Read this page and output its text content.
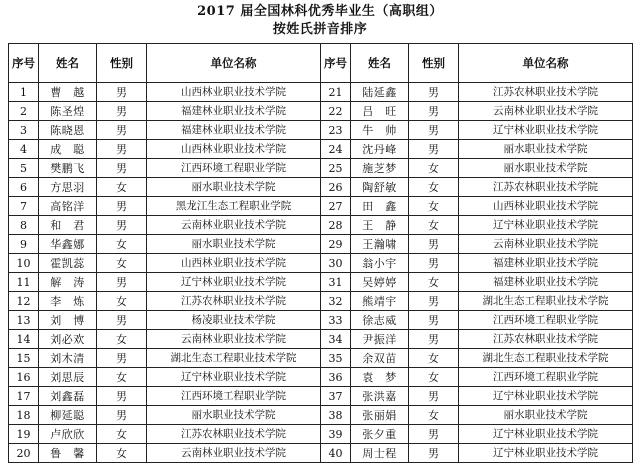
2017 届全国林科优秀毕业生（高职组）
按姓氏拼音排序
序号	姓名	性别	单位名称	序号	姓名	性别	单位名称
1	曹　越	男	山西林业职业技术学院	21	陆延鑫	男	江苏农林职业技术学院
2	陈圣煌	男	福建林业职业技术学院	22	吕　旺	男	云南林业职业技术学院
3	陈晓恩	男	福建林业职业技术学院	23	牛　帅	男	辽宁林业职业技术学院
4	成　聪	男	山西林业职业技术学院	24	沈丹峰	男	丽水职业技术学院
5	樊鹏飞	男	江西环境工程职业学院	25	施芝梦	女	丽水职业技术学院
6	方思羽	女	丽水职业技术学院	26	陶舒敏	女	江苏农林职业技术学院
7	高铭洋	男	黑龙江生态工程职业学院	27	田　鑫	女	山西林业职业技术学院
8	和　君	男	云南林业职业技术学院	28	王　静	女	辽宁林业职业技术学院
9	华鑫娜	女	丽水职业技术学院	29	王瀚啸	男	云南林业职业技术学院
10	霍凯蕊	女	山西林业职业技术学院	30	翁小宇	男	福建林业职业技术学院
11	解　涛	男	辽宁林业职业技术学院	31	吴婷婷	女	福建林业职业技术学院
12	李　炼	女	江苏农林职业技术学院	32	熊靖宇	男	湖北生态工程职业技术学院
13	刘　博	男	杨凌职业技术学院	33	徐志威	男	江西环境工程职业学院
14	刘必欢	女	云南林业职业技术学院	34	尹振洋	男	江苏农林职业技术学院
15	刘木清	男	湖北生态工程职业技术学院	35	余双苗	女	湖北生态工程职业技术学院
16	刘思辰	女	辽宁林业职业技术学院	36	袁　梦	女	江西环境工程职业学院
17	刘鑫磊	男	江西环境工程职业学院	37	张洪嘉	男	辽宁林业职业技术学院
18	柳延聪	男	丽水职业技术学院	38	张丽娟	女	丽水职业技术学院
19	卢欣欣	女	江苏农林职业技术学院	39	张夕重	男	辽宁林业职业技术学院
20	鲁　馨	女	云南林业职业技术学院	40	周士程	男	辽宁林业职业技术学院
